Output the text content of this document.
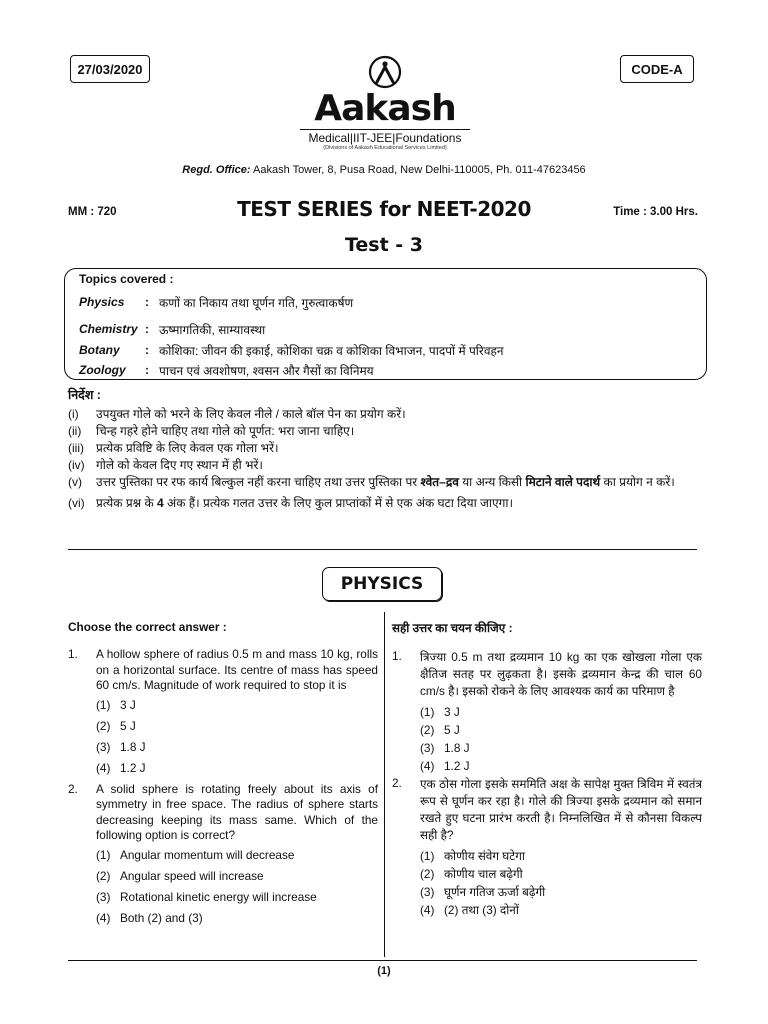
27/03/2020	CODE-A
Aakash
Medical|IIT-JEE|Foundations
(Divisions of Aakash Educational Services Limited)
Regd. Office: Aakash Tower, 8, Pusa Road, New Delhi-110005, Ph. 011-47623456
MM : 720	TEST SERIES for NEET-2020	Time : 3.00 Hrs.
Test - 3
Topics covered :
Physics	: कणों का निकाय तथा घूर्णन गति, गुरुत्वाकर्षण
Chemistry : ऊष्मागतिकी, साम्यावस्था
Botany	: कोशिका: जीवन की इकाई, कोशिका चक्र व कोशिका विभाजन, पादपों में परिवहन
Zoology	: पाचन एवं अवशोषण, श्वसन और गैसों का विनिमय
निर्देश :
(i)	उपयुक्त गोले को भरने के लिए केवल नीले / काले बॉल पेन का प्रयोग करें।
(ii)	चिन्ह गहरे होने चाहिए तथा गोले को पूर्णत: भरा जाना चाहिए।
(iii)	प्रत्येक प्रविष्टि के लिए केवल एक गोला भरें।
(iv) गोले को केवल दिए गए स्थान में ही भरें।
(v)	उत्तर पुस्तिका पर रफ कार्य बिल्कुल नहीं करना चाहिए तथा उत्तर पुस्तिका पर श्वेत–द्रव या अन्य किसी मिटाने वाले पदार्थ का प्रयोग न करें।
(vi) प्रत्येक प्रश्न के 4 अंक हैं। प्रत्येक गलत उत्तर के लिए कुल प्राप्तांकों में से एक अंक घटा दिया जाएगा।
PHYSICS
Choose the correct answer :
1.	A hollow sphere of radius 0.5 m and mass 10 kg, rolls on a horizontal surface. Its centre of mass has speed 60 cm/s. Magnitude of work required to stop it is
(1) 3 J
(2) 5 J
(3) 1.8 J
(4) 1.2 J
2.	A solid sphere is rotating freely about its axis of symmetry in free space. The radius of sphere starts decreasing keeping its mass same. Which of the following option is correct?
(1) Angular momentum will decrease
(2) Angular speed will increase
(3) Rotational kinetic energy will increase
(4) Both (2) and (3)
सही उत्तर का चयन कीजिए :
1.	त्रिज्या 0.5 m तथा द्रव्यमान 10 kg का एक खोखला गोला एक क्षैतिज सतह पर लुढ़कता है। इसके द्रव्यमान केन्द्र की चाल 60 cm/s है। इसको रोकने के लिए आवश्यक कार्य का परिमाण है
(1) 3 J
(2) 5 J
(3) 1.8 J
(4) 1.2 J
2.	एक ठोस गोला इसके सममिति अक्ष के सापेक्ष मुक्त त्रिविम में स्वतंत्र रूप से घूर्णन कर रहा है। गोले की त्रिज्या इसके द्रव्यमान को समान रखते हुए घटना प्रारंभ करती है। निम्नलिखित में से कौनसा विकल्प सही है?
(1) कोणीय संवेग घटेगा
(2) कोणीय चाल बढ़ेगी
(3) घूर्णन गतिज ऊर्जा बढ़ेगी
(4) (2) तथा (3) दोनों
(1)
